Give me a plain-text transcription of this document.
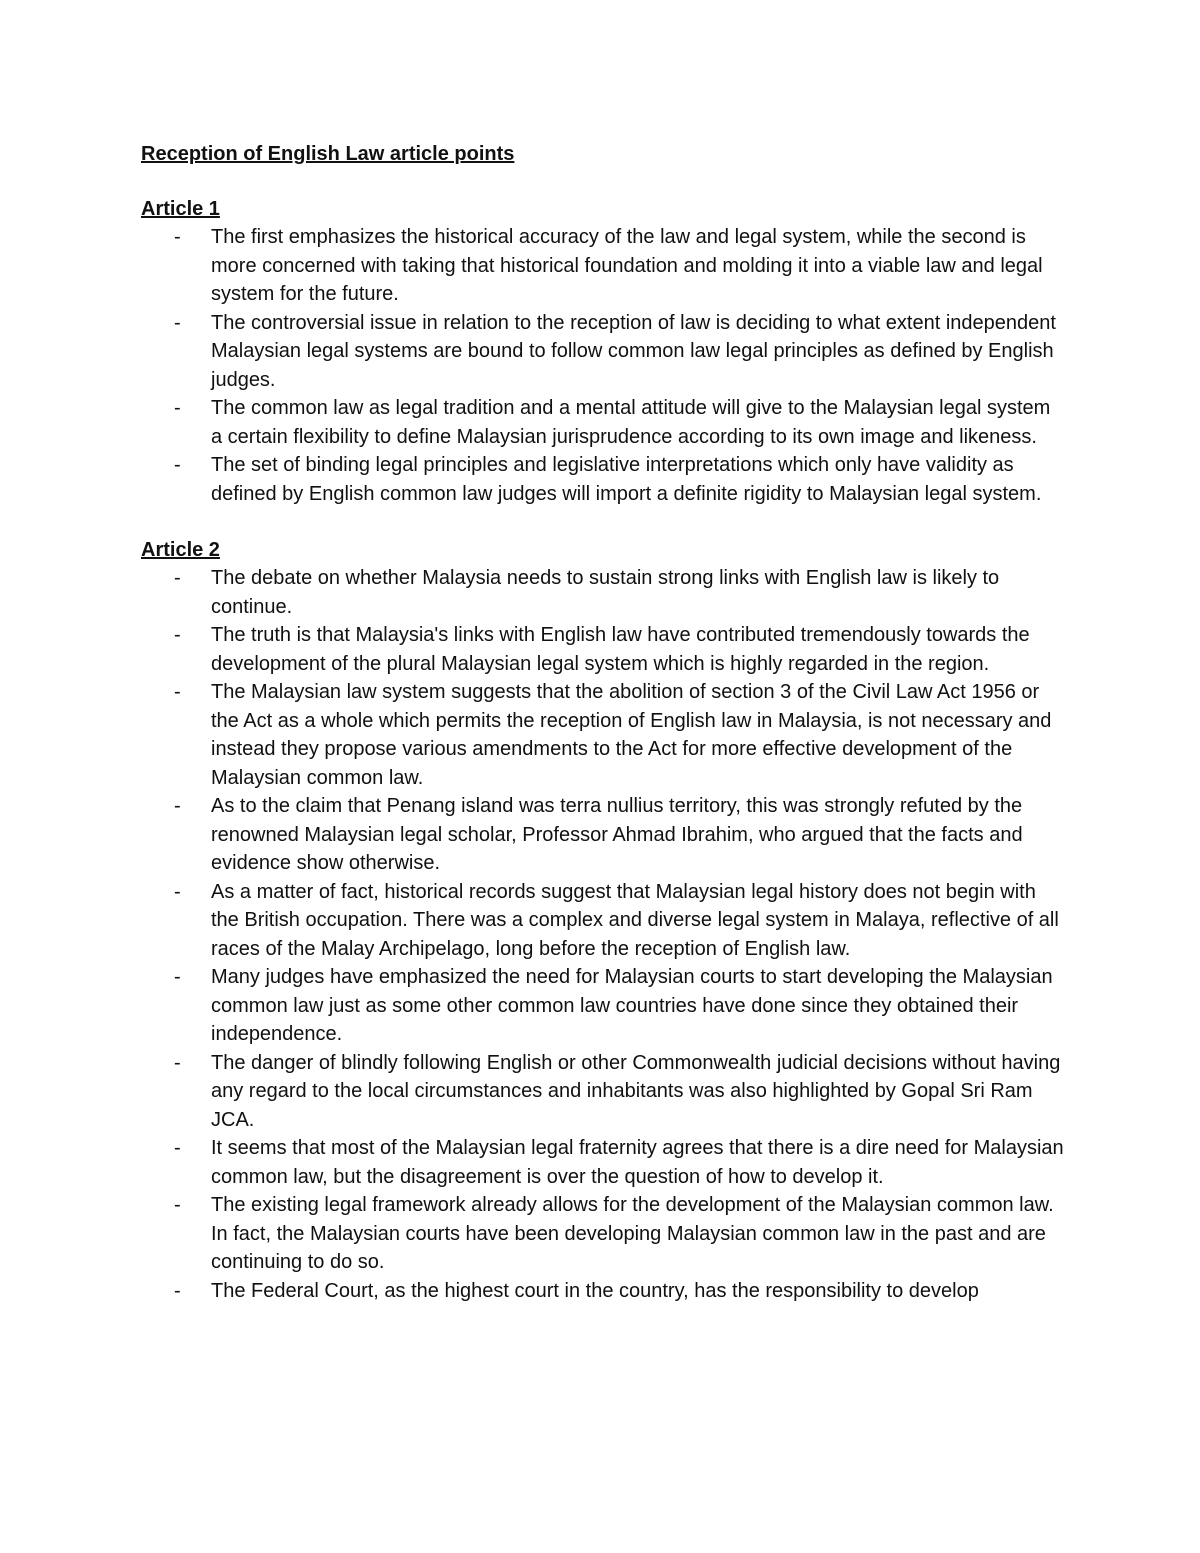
Reception of English Law article points
Article 1
- The first emphasizes the historical accuracy of the law and legal system, while the second is more concerned with taking that historical foundation and molding it into a viable law and legal system for the future.
- The controversial issue in relation to the reception of law is deciding to what extent independent Malaysian legal systems are bound to follow common law legal principles as defined by English judges.
- The common law as legal tradition and a mental attitude will give to the Malaysian legal system a certain flexibility to define Malaysian jurisprudence according to its own image and likeness.
- The set of binding legal principles and legislative interpretations which only have validity as defined by English common law judges will import a definite rigidity to Malaysian legal system.
Article 2
- The debate on whether Malaysia needs to sustain strong links with English law is likely to continue.
- The truth is that Malaysia's links with English law have contributed tremendously towards the development of the plural Malaysian legal system which is highly regarded in the region.
- The Malaysian law system suggests that the abolition of section 3 of the Civil Law Act 1956 or the Act as a whole which permits the reception of English law in Malaysia, is not necessary and instead they propose various amendments to the Act for more effective development of the Malaysian common law.
- As to the claim that Penang island was terra nullius territory, this was strongly refuted by the renowned Malaysian legal scholar, Professor Ahmad Ibrahim, who argued that the facts and evidence show otherwise.
- As a matter of fact, historical records suggest that Malaysian legal history does not begin with the British occupation. There was a complex and diverse legal system in Malaya, reflective of all races of the Malay Archipelago, long before the reception of English law.
- Many judges have emphasized the need for Malaysian courts to start developing the Malaysian common law just as some other common law countries have done since they obtained their independence.
- The danger of blindly following English or other Commonwealth judicial decisions without having any regard to the local circumstances and inhabitants was also highlighted by Gopal Sri Ram JCA.
- It seems that most of the Malaysian legal fraternity agrees that there is a dire need for Malaysian common law, but the disagreement is over the question of how to develop it.
- The existing legal framework already allows for the development of the Malaysian common law. In fact, the Malaysian courts have been developing Malaysian common law in the past and are continuing to do so.
- The Federal Court, as the highest court in the country, has the responsibility to develop
